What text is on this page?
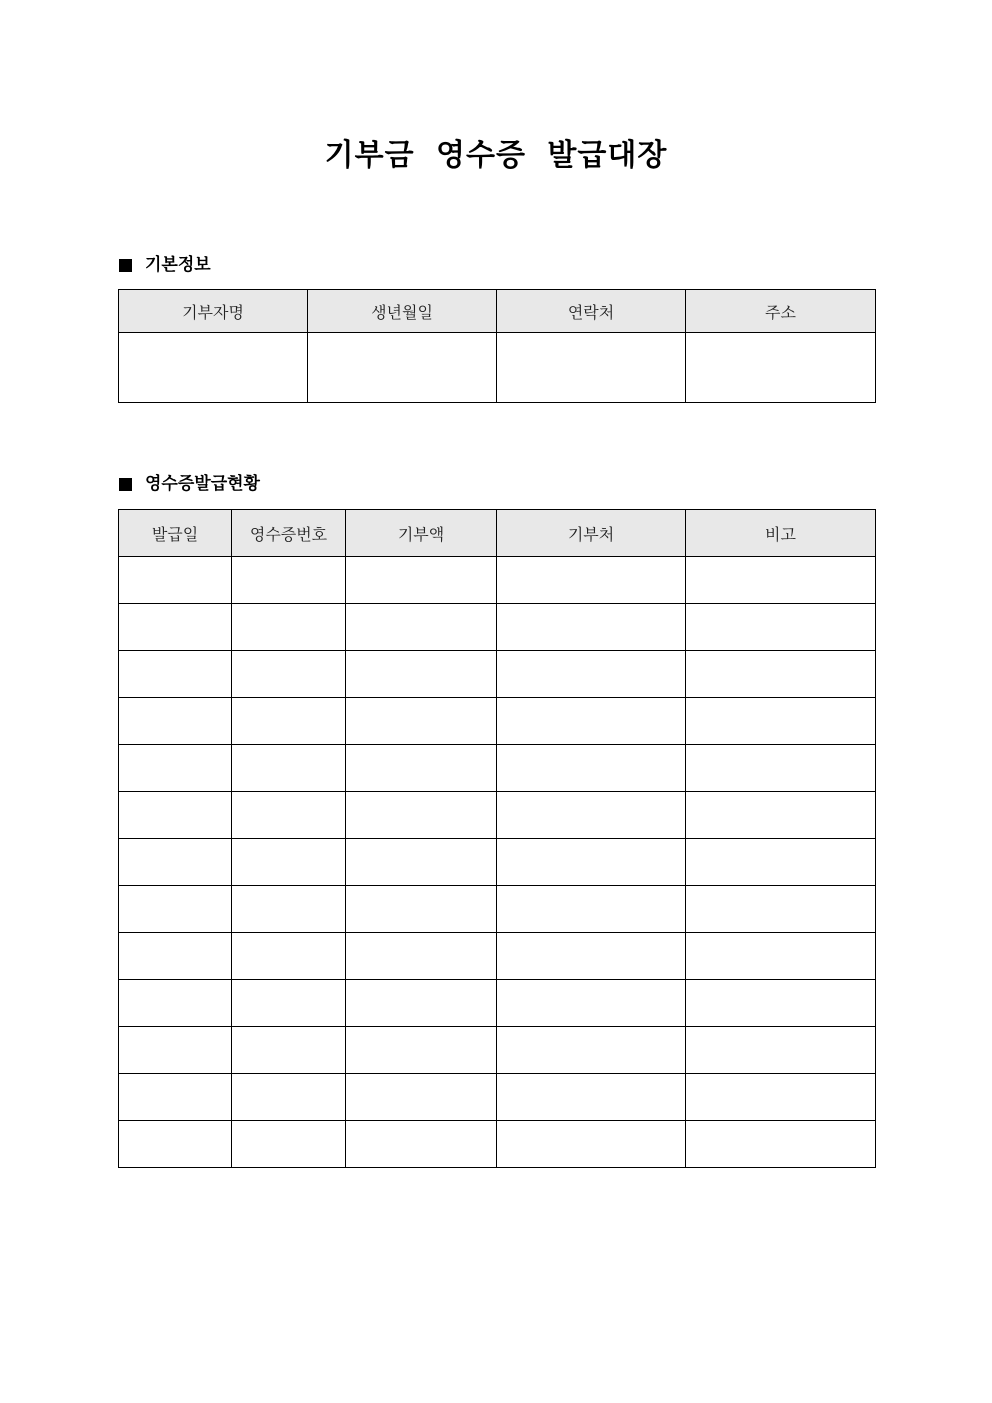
기부금 영수증 발급대장
기본정보
기부자명	생년월일	연락처	주소

영수증발급현황
발급일	영수증번호	기부액	기부처	비고
